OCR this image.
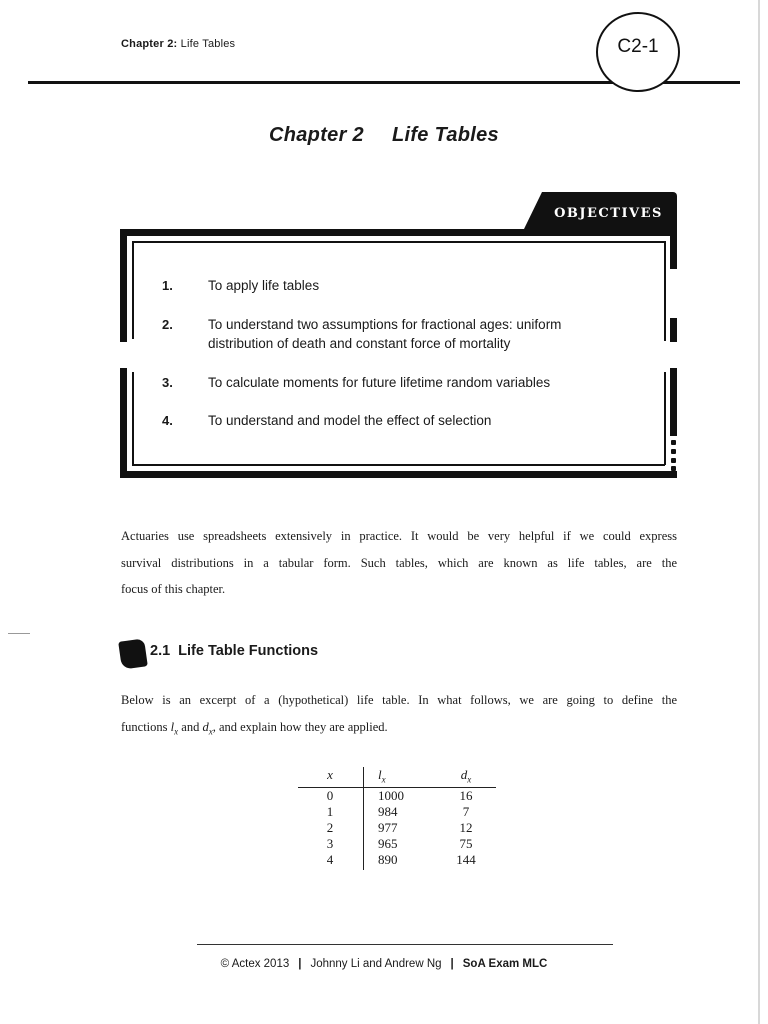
Chapter 2: Life Tables	C2-1
Chapter 2 Life Tables
OBJECTIVES
1.	To apply life tables
2.	To understand two assumptions for fractional ages: uniform
distribution of death and constant force of mortality
3.	To calculate moments for future lifetime random variables
4.	To understand and model the effect of selection
Actuaries use spreadsheets extensively in practice. It would be very helpful if we could express
survival distributions in a tabular form. Such tables, which are known as life tables, are the
focus of this chapter.
2.1 Life Table Functions
Below is an excerpt of a (hypothetical) life table. In what follows, we are going to define the
functions $l_x$ and $d_x$, and explain how they are applied.
x	$l_x$	$d_x$
0	1000	16
1	984	7
2	977	12
3	965	75
4	890	144
© Actex 2013 | Johnny Li and Andrew Ng | SoA Exam MLC
